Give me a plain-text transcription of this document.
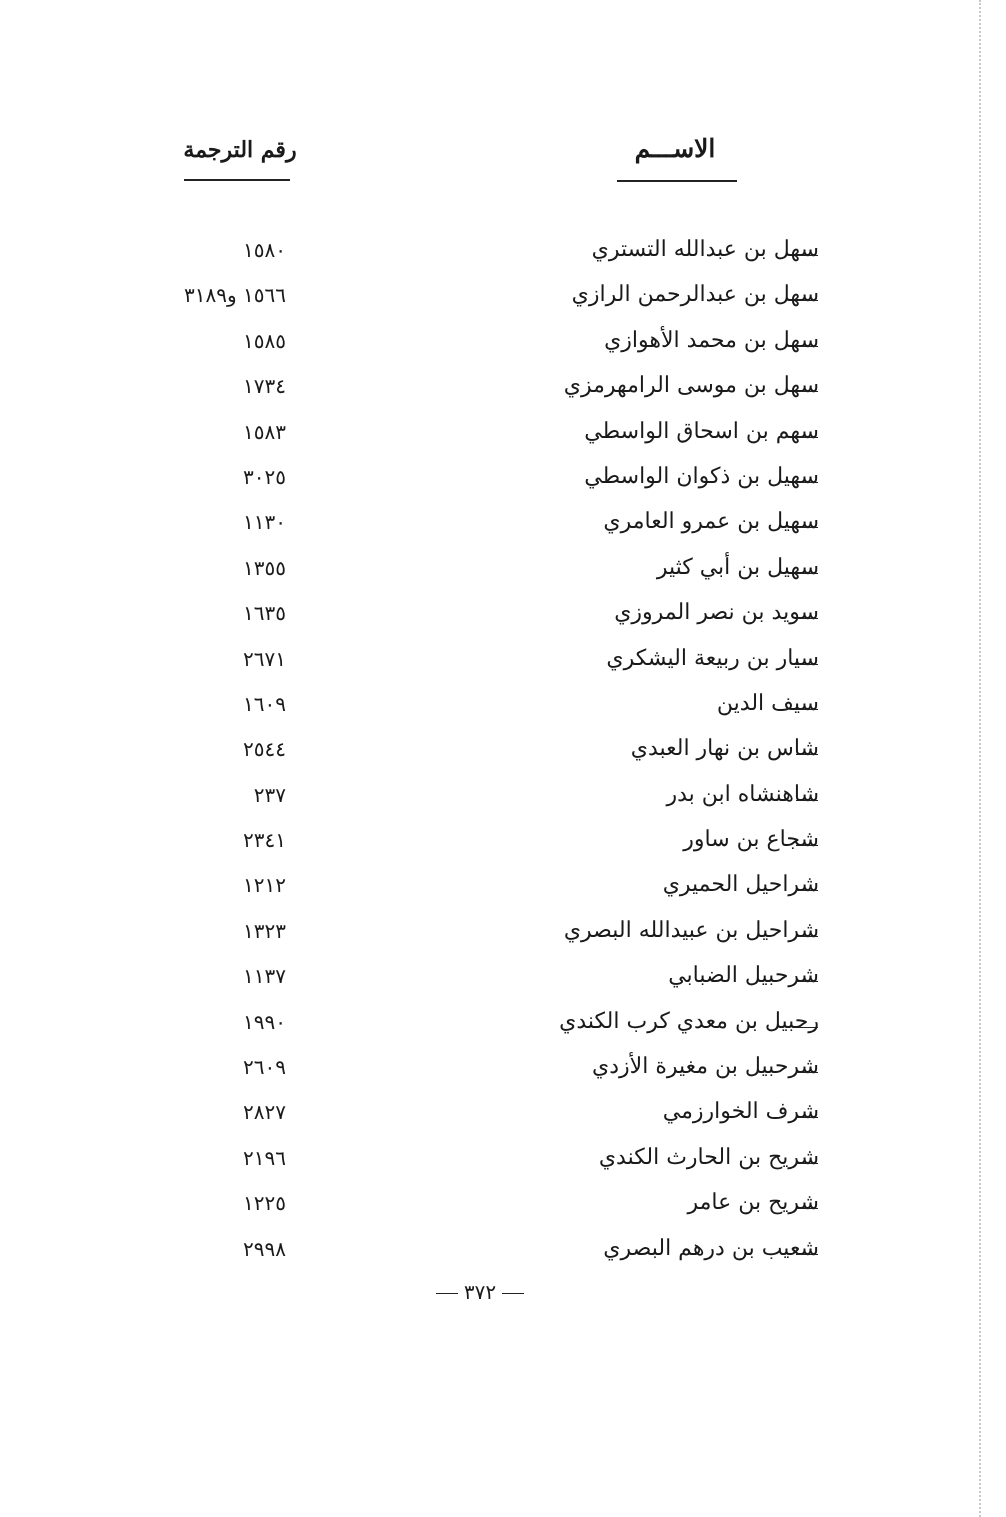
الاســـم
رقم الترجمة
سهل بن عبدالله التستري
١٥٨٠
سهل بن عبدالرحمن الرازي
١٥٦٦ و٣١٨٩
سهل بن محمد الأهوازي
١٥٨٥
سهل بن موسى الرامهرمزي
١٧٣٤
سهم بن اسحاق الواسطي
١٥٨٣
سهيل بن ذكوان الواسطي
٣٠٢٥
سهيل بن عمرو العامري
١١٣٠
سهيل بن أبي كثير
١٣٥٥
سويد بن نصر المروزي
١٦٣٥
سيار بن ربيعة اليشكري
٢٦٧١
سيف الدين
١٦٠٩
شاس بن نهار العبدي
٢٥٤٤
شاهنشاه ابن بدر
٢٣٧
شجاع بن ساور
٢٣٤١
شراحيل الحميري
١٢١٢
شراحيل بن عبيدالله البصري
١٣٢٣
شرحبيل الضبابي
١١٣٧
رحبيل بن معدي كرب الكندي
١٩٩٠
شرحبيل بن مغيرة الأزدي
٢٦٠٩
شرف الخوارزمي
٢٨٢٧
شريح بن الحارث الكندي
٢١٩٦
شريح بن عامر
١٢٢٥
شعيب بن درهم البصري
٢٩٩٨
٣٧٢
